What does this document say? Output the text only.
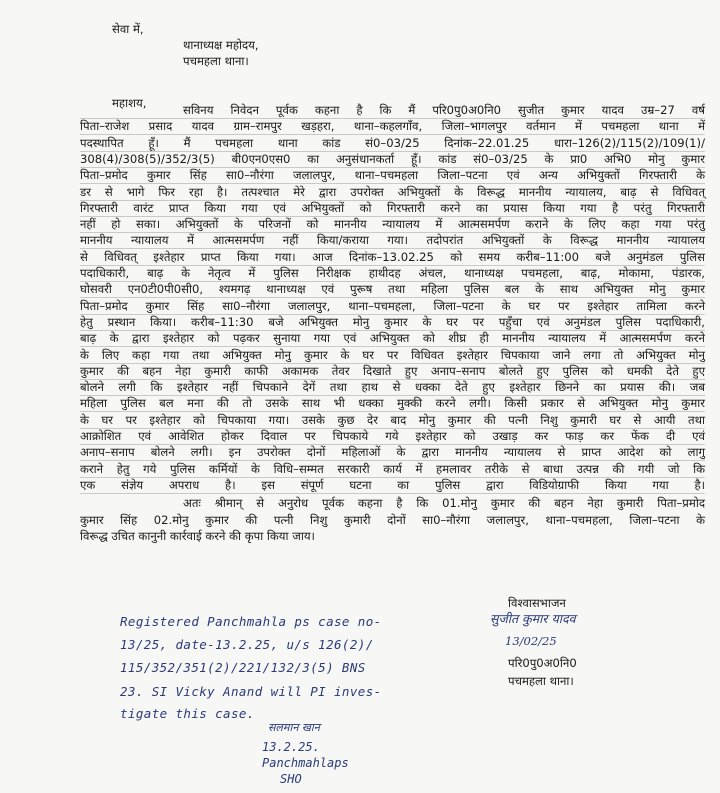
सेवा में,
थानाध्यक्ष महोदय,
पचमहला थाना।
महाशय,	सविनय निवेदन पूर्वक कहना है कि मैं परि0पु0अ0नि0 सुजीत कुमार यादव उम्र–27 वर्ष
पिता–राजेश प्रसाद यादव ग्राम–रामपुर खड़हरा, थाना–कहलगाँव, जिला–भागलपुर वर्तमान में पचमहला थाना में
पदस्थापित हूँ। मैं पचमहला थाना कांड सं0–03/25 दिनांक–22.01.25 धारा–126(2)/115(2)/109(1)/
308(4)/308(5)/352/3(5) बी0एन0एस0 का अनुसंधानकर्ता हूँ। कांड सं0–03/25 के प्रा0 अभि0 मोनु कुमार
पिता–प्रमोद कुमार सिंह सा0–नौरंगा जलालपुर, थाना–पचमहला जिला–पटना एवं अन्य अभियुक्तों गिरफ्तारी के
डर से भागे फिर रहा है। तत्पश्चात मेरे द्वारा उपरोक्त अभियुक्तों के विरूद्ध माननीय न्यायालय, बाढ़ से विधिवत्
गिरफ्तारी वारंट प्राप्त किया गया एवं अभियुक्तों को गिरफ्तारी करने का प्रयास किया गया है परंतु गिरफ्तारी
नहीं हो सका। अभियुक्तों के परिजनों को माननीय न्यायालय में आत्मसमर्पण कराने के लिए कहा गया परंतु
माननीय न्यायालय में आत्मसमर्पण नहीं किया/कराया गया। तदोपरांत अभियुक्तों के विरूद्ध माननीय न्यायालय
से विधिवत् इश्तेहार प्राप्त किया गया। आज दिनांक–13.02.25 को समय करीब–11:00 बजे अनुमंडल पुलिस
पदाधिकारी, बाढ़ के नेतृत्व में पुलिस निरीक्षक हाथीदह अंचल, थानाध्यक्ष पचमहला, बाढ़, मोकामा, पंडारक,
घोसवरी एन0टी0पी0सी0, श्यमगढ़ थानाध्यक्ष एवं पुरूष तथा महिला पुलिस बल के साथ अभियुक्त मोनु कुमार
पिता–प्रमोद कुमार सिंह सा0–नौरंगा जलालपुर, थाना–पचमहला, जिला–पटना के घर पर इश्तेहार तामिला करने
हेतु प्रस्थान किया। करीब–11:30 बजे अभियुक्त मोनु कुमार के घर पर पहुँचा एवं अनुमंडल पुलिस पदाधिकारी,
बाढ़ के द्वारा इश्तेहार को पढ़कर सुनाया गया एवं अभियुक्त को शीघ्र ही माननीय न्यायालय में आत्मसमर्पण करने
के लिए कहा गया तथा अभियुक्त मोनु कुमार के घर पर विधिवत इश्तेहार चिपकाया जाने लगा तो अभियुक्त मोनु
कुमार की बहन नेहा कुमारी काफी अकामक तेवर दिखाते हुए अनाप–सनाप बोलते हुए पुलिस को धमकी देते हुए
बोलने लगी कि इश्तेहार नहीं चिपकाने देगें तथा हाथ से धक्का देते हुए इश्तेहार छिनने का प्रयास की। जब
महिला पुलिस बल मना की तो उसके साथ भी धक्का मुक्की करने लगी। किसी प्रकार से अभियुक्त मोनु कुमार
के घर पर इश्तेहार को चिपकाया गया। उसके कुछ देर बाद मोनु कुमार की पत्नी निशु कुमारी घर से आयी तथा
आक्रोशित एवं आवेशित होकर दिवाल पर चिपकाये गये इश्तेहार को उखाड़ कर फाड़ कर फेंक दी एवं
अनाप–सनाप बोलने लगी। इन उपरोक्त दोनों महिलाओं के द्वारा माननीय न्यायालय से प्राप्त आदेश को लागु
कराने हेतु गये पुलिस कर्मियों के विधि–सम्मत सरकारी कार्य में हमलावर तरीके से बाधा उत्पन्न की गयी जो कि
एक संज्ञेय अपराध है। इस संपूर्ण घटना का पुलिस द्वारा विडियोग्राफी किया गया है।
अतः श्रीमान् से अनुरोध पूर्वक कहना है कि 01.मोनु कुमार की बहन नेहा कुमारी पिता–प्रमोद
कुमार सिंह 02.मोनु कुमार की पत्नी निशु कुमारी दोनों सा0–नौरंगा जलालपुर, थाना–पचमहला, जिला–पटना के
विरूद्ध उचित कानुनी कार्रवाई करने की कृपा किया जाय।
विश्वासभाजन
सुजीत कुमार यादव
13/02/25
परि0पु0अ0नि0
पचमहला थाना।
Registered Panchmahla ps case no-
13/25, date-13.2.25, u/s 126(2)/
115/352/351(2)/221/132/3(5) BNS
23. SI Vicky Anand will PI inves-
tigate this case.
सलमान खान
13.2.25.
Panchmahlaps
SHO
